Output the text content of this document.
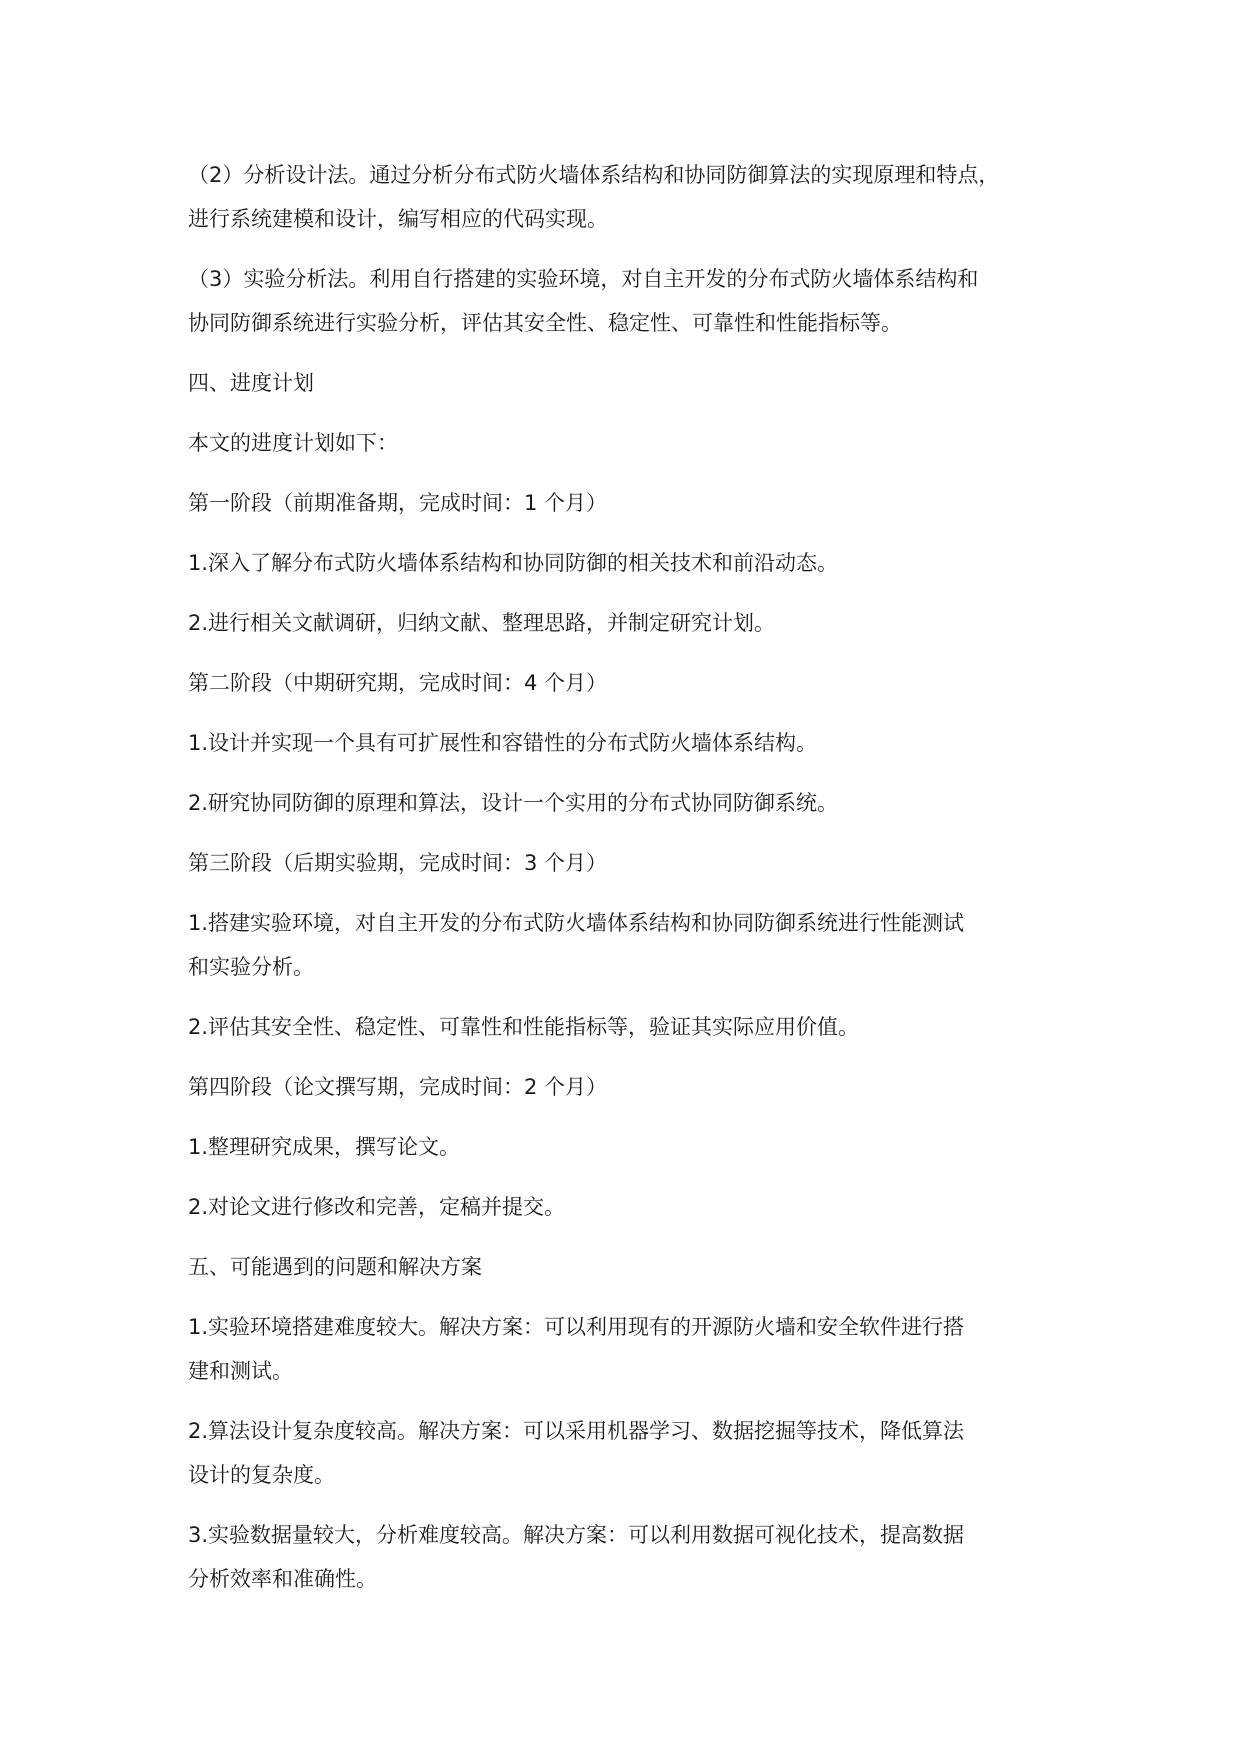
（2）分析设计法。通过分析分布式防火墙体系结构和协同防御算法的实现原理和特点，
进行系统建模和设计，编写相应的代码实现。

（3）实验分析法。利用自行搭建的实验环境，对自主开发的分布式防火墙体系结构和
协同防御系统进行实验分析，评估其安全性、稳定性、可靠性和性能指标等。

四、进度计划

本文的进度计划如下：

第一阶段（前期准备期，完成时间：1 个月）

1.深入了解分布式防火墙体系结构和协同防御的相关技术和前沿动态。

2.进行相关文献调研，归纳文献、整理思路，并制定研究计划。

第二阶段（中期研究期，完成时间：4 个月）

1.设计并实现一个具有可扩展性和容错性的分布式防火墙体系结构。

2.研究协同防御的原理和算法，设计一个实用的分布式协同防御系统。

第三阶段（后期实验期，完成时间：3 个月）

1.搭建实验环境，对自主开发的分布式防火墙体系结构和协同防御系统进行性能测试
和实验分析。

2.评估其安全性、稳定性、可靠性和性能指标等，验证其实际应用价值。

第四阶段（论文撰写期，完成时间：2 个月）

1.整理研究成果，撰写论文。

2.对论文进行修改和完善，定稿并提交。

五、可能遇到的问题和解决方案

1.实验环境搭建难度较大。解决方案：可以利用现有的开源防火墙和安全软件进行搭
建和测试。

2.算法设计复杂度较高。解决方案：可以采用机器学习、数据挖掘等技术，降低算法
设计的复杂度。

3.实验数据量较大，分析难度较高。解决方案：可以利用数据可视化技术，提高数据
分析效率和准确性。
